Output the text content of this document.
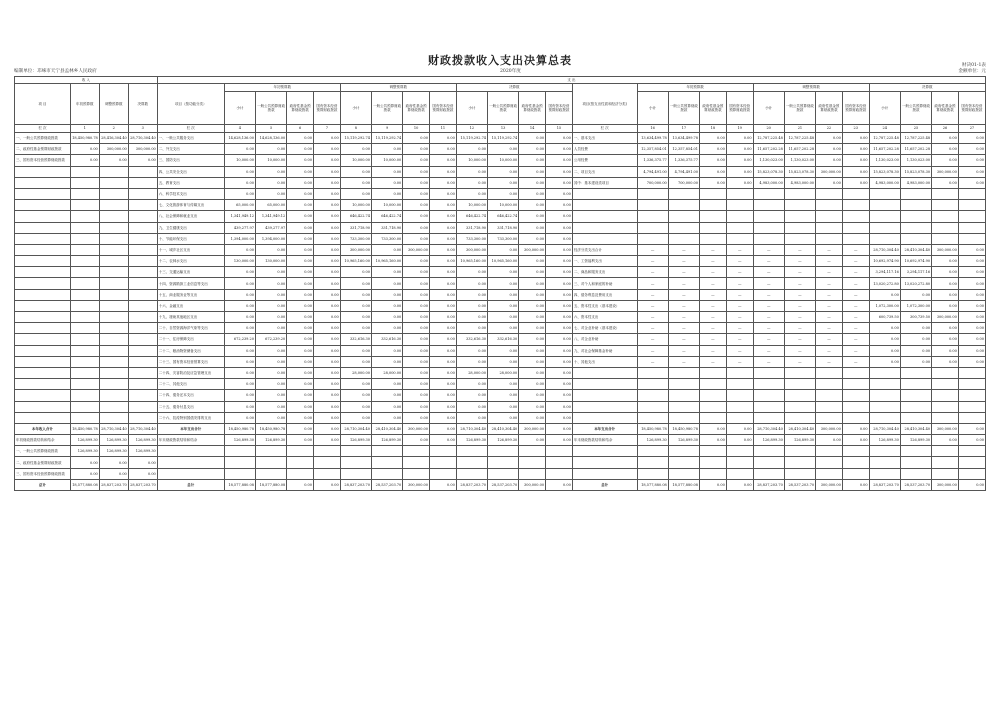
财政拨款收入支出决算总表	财决01-1表
编制单位：邛崃市天宁县孟林乡人民政府	2020年度	金额单位：元
收 入				支 出																									
项 目	年初预算数	调整预算数	决算数	项目（按功能分类）	年初预算数				调整预算数				决算数				项目(按支出性质和经济分类)	年初预算数				调整预算数				决算数			
					小计	一般公共预算财政拨款	政府性基金预算财政拨款	国有资本经营预算财政拨款	小计	一般公共预算财政拨款	政府性基金预算财政拨款	国有资本经营预算财政拨款	小计	一般公共预算财政拨款	政府性基金预算财政拨款	国有资本经营预算财政拨款		小计	一般公共预算财政拨款	政府性基金预算财政拨款	国有资本经营预算财政拨款	小计	一般公共预算财政拨款	政府性基金预算财政拨款	国有资本经营预算财政拨款	小计	一般公共预算财政拨款	政府性基金预算财政拨款	国有资本经营预算财政拨款
栏 次	1	2	3	栏 次	4	5	6	7	8	9	10	11	12	13	14	15	栏 次	16	17	18	19	20	21	22	23	24	25	26	27
一、一般公共预算财政拨款	18,450,980.78	28,416,304.40	28,710,304.40	一、一般公共服务支出	14,628,136.00	14,628,136.00	0.00	0.00	15,119,292.74	15,119,292.74	0.00	0.00	15,119,292.74	15,119,292.74	0.00	0.00	一、基本支出	13,634,499.78	13,634,499.78	0.00	0.00	12,787,225.48	12,787,225.48	0.00	0.00	12,787,225.48	12,787,225.48	0.00	0.00
二、政府性基金预算财政拨款	0.00	300,000.00	300,000.00	二、外交支出	0.00	0.00	0.00	0.00	0.00	0.00	0.00	0.00	0.00	0.00	0.00	0.00	人员经费	12,357,854.01	12,357,854.01	0.00	0.00	11,657,202.28	11,657,202.28	0.00	0.00	11,657,202.28	11,657,202.28	0.00	0.00
三、国有资本经营预算财政拨款	0.00	0.00	0.00	三、国防支出	10,000.00	10,000.00	0.00	0.00	10,000.00	10,000.00	0.00	0.00	10,000.00	10,000.00	0.00	0.00	公用经费	1,336,375.77	1,336,375.77	0.00	0.00	1,130,023.00	1,130,023.00	0.00	0.00	1,130,023.00	1,130,023.00	0.00	0.00
				四、公共安全支出	0.00	0.00	0.00	0.00	0.00	0.00	0.00	0.00	0.00	0.00	0.00	0.00	二、项目支出	4,794,491.00	4,794,491.00	0.00	0.00	15,823,078.30	15,823,078.30	300,000.00	0.00	15,823,078.30	15,823,078.30	300,000.00	0.00
				五、教育支出	0.00	0.00	0.00	0.00	0.00	0.00	0.00	0.00	0.00	0.00	0.00	0.00	其中：基本建设类项目	700,000.00	700,000.00	0.00	0.00	4,983,000.00	4,983,000.00	0.00	0.00	4,983,000.00	4,983,000.00	0.00	0.00
				六、科学技术支出	0.00	0.00	0.00	0.00	0.00	0.00	0.00	0.00	0.00	0.00	0.00	0.00													
				七、文化旅游体育与传媒支出	65,000.00	65,000.00	0.00	0.00	10,000.00	10,000.00	0.00	0.00	10,000.00	10,000.00	0.00	0.00													
				八、社会保障和就业支出	1,341,949.12	1,341,949.12	0.00	0.00	646,422.74	646,422.74	0.00	0.00	646,422.74	646,422.74	0.00	0.00													
				九、卫生健康支出	439,277.97	439,277.97	0.00	0.00	331,718.90	331,718.90	0.00	0.00	331,718.90	331,718.90	0.00	0.00													
				十、节能环保支出	1,394,000.00	1,394,000.00	0.00	0.00	733,300.00	733,300.00	0.00	0.00	733,300.00	733,300.00	0.00	0.00													
				十一、城乡社区支出	0.00	0.00	0.00	0.00	300,000.00	0.00	300,000.00	0.00	300,000.00	0.00	300,000.00	0.00	经济分类支出合计	—	—	—	—	—	—	—	—	28,710,304.40	28,410,304.40	300,000.00	0.00
				十二、农林水支出	130,000.00	130,000.00	0.00	0.00	10,965,160.00	10,965,160.00	0.00	0.00	10,965,160.00	10,965,160.00	0.00	0.00	一、工资福利支出	—	—	—	—	—	—	—	—	10,692,974.90	10,692,974.90	0.00	0.00
				十三、交通运输支出	0.00	0.00	0.00	0.00	0.00	0.00	0.00	0.00	0.00	0.00	0.00	0.00	二、商品和服务支出	—	—	—	—	—	—	—	—	3,294,117.16	3,294,117.16	0.00	0.00
				十四、资源勘探工业信息等支出	0.00	0.00	0.00	0.00	0.00	0.00	0.00	0.00	0.00	0.00	0.00	0.00	三、对个人和家庭的补助	—	—	—	—	—	—	—	—	13,020,272.80	13,020,272.80	0.00	0.00
				十五、商业服务业等支出	0.00	0.00	0.00	0.00	0.00	0.00	0.00	0.00	0.00	0.00	0.00	0.00	四、债务利息及费用支出	—	—	—	—	—	—	—	—	0.00	0.00	0.00	0.00
				十六、金融支出	0.00	0.00	0.00	0.00	0.00	0.00	0.00	0.00	0.00	0.00	0.00	0.00	五、资本性支出（基本建设）	—	—	—	—	—	—	—	—	1,072,300.00	1,072,300.00	0.00	0.00
				十九、援助其他地区支出	0.00	0.00	0.00	0.00	0.00	0.00	0.00	0.00	0.00	0.00	0.00	0.00	六、资本性支出	—	—	—	—	—	—	—	—	600,739.50	300,739.50	300,000.00	0.00
				二十、自然资源海洋气象等支出	0.00	0.00	0.00	0.00	0.00	0.00	0.00	0.00	0.00	0.00	0.00	0.00	七、对企业补助（基本建设）	—	—	—	—	—	—	—	—	0.00	0.00	0.00	0.00
				二十一、住房保障支出	672,239.20	672,239.20	0.00	0.00	332,616.30	332,616.30	0.00	0.00	332,616.30	332,616.30	0.00	0.00	八、对企业补助	—	—	—	—	—	—	—	—	0.00	0.00	0.00	0.00
				二十二、粮油物资储备支出	0.00	0.00	0.00	0.00	0.00	0.00	0.00	0.00	0.00	0.00	0.00	0.00	九、对社会保障基金补助	—	—	—	—	—	—	—	—	0.00	0.00	0.00	0.00
				二十三、国有资本经营预算支出	0.00	0.00	0.00	0.00	0.00	0.00	0.00	0.00	0.00	0.00	0.00	0.00	十、其他支出	—	—	—	—	—	—	—	—	0.00	0.00	0.00	0.00
				二十四、灾害防治及应急管理支出	0.00	0.00	0.00	0.00	28,000.00	28,000.00	0.00	0.00	28,000.00	28,000.00	0.00	0.00													
				二十二、其他支出	0.00	0.00	0.00	0.00	0.00	0.00	0.00	0.00	0.00	0.00	0.00	0.00													
				二十四、债务还本支出	0.00	0.00	0.00	0.00	0.00	0.00	0.00	0.00	0.00	0.00	0.00	0.00													
				二十五、债务付息支出	0.00	0.00	0.00	0.00	0.00	0.00	0.00	0.00	0.00	0.00	0.00	0.00													
				二十六、抗疫特别国债安排的支出	0.00	0.00	0.00	0.00	0.00	0.00	0.00	0.00	0.00	0.00	0.00	0.00													
本年收入合计	18,450,980.78	28,710,304.40	28,710,304.40	本年支出合计	18,450,980.78	18,450,980.78	0.00	0.00	28,710,304.40	28,410,304.40	300,000.00	0.00	28,710,304.40	28,410,304.40	300,000.00	0.00	本年支出合计	18,450,980.78	18,450,980.78	0.00	0.00	28,710,304.40	28,410,304.40	300,000.00	0.00	28,710,304.40	28,410,304.40	300,000.00	0.00
年初财政拨款结转和结余	126,899.30	126,899.30	126,899.30	年末财政拨款结转和结余	126,899.30	126,899.30	0.00	0.00	126,899.30	126,899.30	0.00	0.00	126,899.30	126,899.30	0.00	0.00	年末财政拨款结转和结余	126,899.30	126,899.30	0.00	0.00	126,899.30	126,899.30	0.00	0.00	126,899.30	126,899.30	0.00	0.00
一、一般公共预算财政拨款	126,899.30	126,899.30	126,899.30																										
二、政府性基金预算财政拨款	0.00	0.00	0.00																										
三、国有资本经营预算财政拨款	0.00	0.00	0.00																										
总计	18,577,880.08	28,837,203.70	28,837,203.70	总计	18,577,880.08	18,577,880.08	0.00	0.00	28,837,203.70	28,537,203.70	300,000.00	0.00	28,837,203.70	28,537,203.70	300,000.00	0.00	总计	18,577,880.08	18,577,880.08	0.00	0.00	28,837,203.70	28,537,203.70	300,000.00	0.00	28,837,203.70	28,537,203.70	300,000.00	0.00
